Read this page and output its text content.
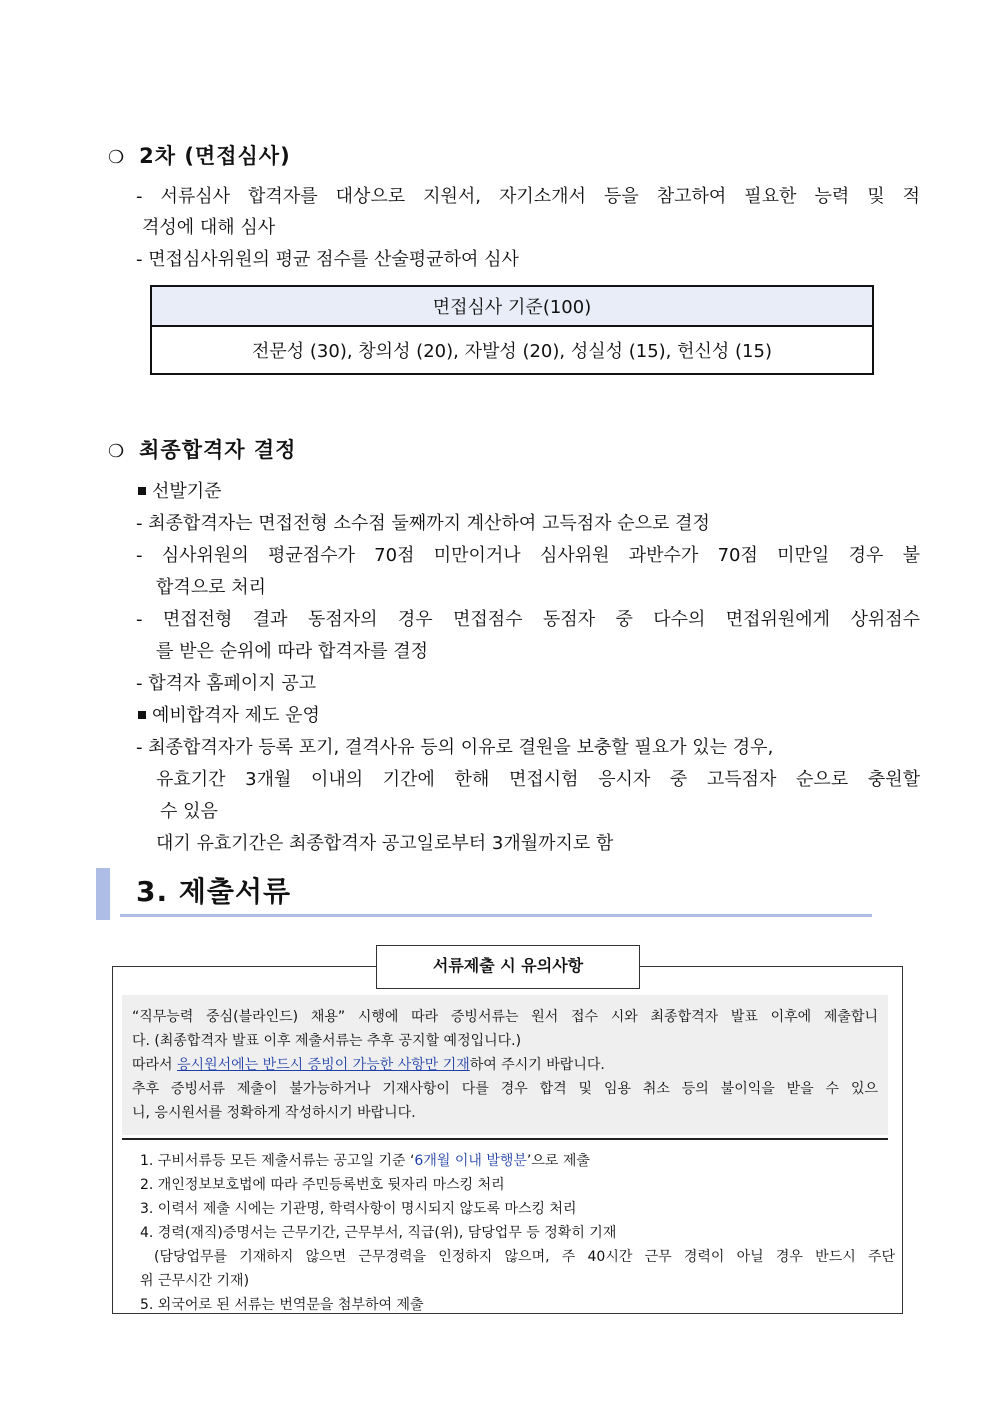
❍ 2차 (면접심사)
- 서류심사 합격자를 대상으로 지원서, 자기소개서 등을 참고하여 필요한 능력 및 적
격성에 대해 심사
- 면접심사위원의 평균 점수를 산술평균하여 심사
면접심사 기준(100)
전문성 (30), 창의성 (20), 자발성 (20), 성실성 (15), 헌신성 (15)
❍ 최종합격자 결정
선발기준
- 최종합격자는 면접전형 소수점 둘째까지 계산하여 고득점자 순으로 결정
- 심사위원의 평균점수가 70점 미만이거나 심사위원 과반수가 70점 미만일 경우 불
합격으로 처리
- 면접전형 결과 동점자의 경우 면접점수 동점자 중 다수의 면접위원에게 상위점수
를 받은 순위에 따라 합격자를 결정
- 합격자 홈페이지 공고
예비합격자 제도 운영
- 최종합격자가 등록 포기, 결격사유 등의 이유로 결원을 보충할 필요가 있는 경우,
유효기간 3개월 이내의 기간에 한해 면접시험 응시자 중 고득점자 순으로 충원할
수 있음
대기 유효기간은 최종합격자 공고일로부터 3개월까지로 함
3. 제출서류
서류제출 시 유의사항
“직무능력 중심(블라인드) 채용” 시행에 따라 증빙서류는 원서 접수 시와 최종합격자 발표 이후에 제출합니
다. (최종합격자 발표 이후 제출서류는 추후 공지할 예정입니다.)
따라서 응시원서에는 반드시 증빙이 가능한 사항만 기재하여 주시기 바랍니다.
추후 증빙서류 제출이 불가능하거나 기재사항이 다를 경우 합격 및 임용 취소 등의 불이익을 받을 수 있으
니, 응시원서를 정확하게 작성하시기 바랍니다.
1. 구비서류등 모든 제출서류는 공고일 기준 ‘6개월 이내 발행분’으로 제출
2. 개인정보보호법에 따라 주민등록번호 뒷자리 마스킹 처리
3. 이력서 제출 시에는 기관명, 학력사항이 명시되지 않도록 마스킹 처리
4. 경력(재직)증명서는 근무기간, 근무부서, 직급(위), 담당업무 등 정확히 기재
(담당업무를 기재하지 않으면 근무경력을 인정하지 않으며, 주 40시간 근무 경력이 아닐 경우 반드시 주단
위 근무시간 기재)
5. 외국어로 된 서류는 번역문을 첨부하여 제출
